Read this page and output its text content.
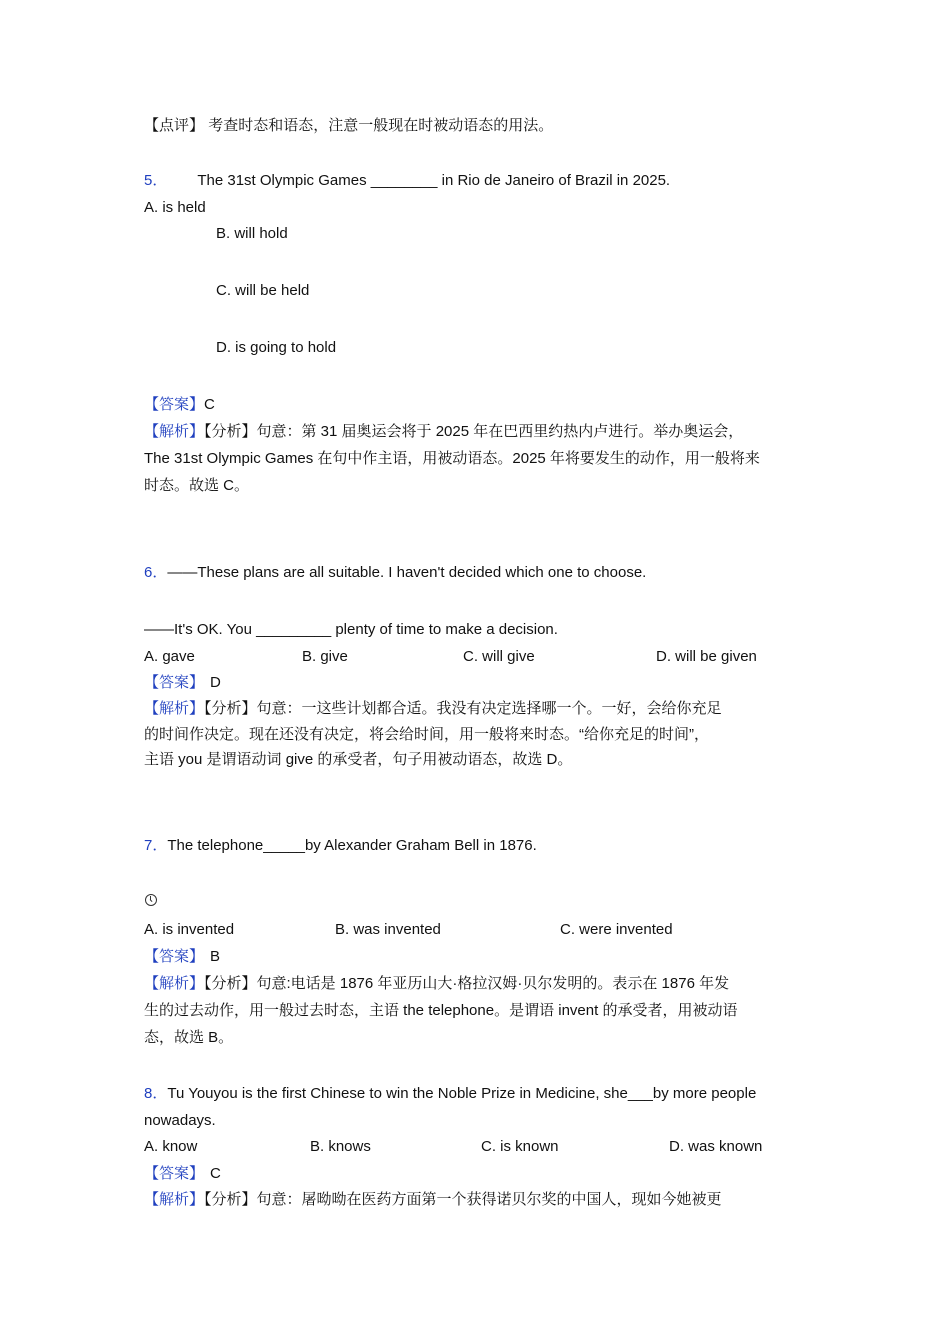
【点评】 考查时态和语态，注意一般现在时被动语态的用法。
5． The 31st Olympic Games ________ in Rio de Janeiro of Brazil in 2025.
A. is held
B. will hold
C. will be held
D. is going to hold
【答案】C
【解析】【分析】句意：第 31 届奥运会将于 2025 年在巴西里约热内卢进行。举办奥运会，
The 31st Olympic Games 在句中作主语，用被动语态。2025 年将要发生的动作，用一般将来
时态。故选 C。
6．——These plans are all suitable. I haven't decided which one to choose.
——It's OK. You _________ plenty of time to make a decision.
A. gave	B. give	C. will give	D. will be given
【答案】 D
【解析】【分析】句意：一这些计划都合适。我没有决定选择哪一个。一好，会给你充足
的时间作决定。现在还没有决定，将会给时间，用一般将来时态。“给你充足的时间”，
主语 you 是谓语动词 give 的承受者，句子用被动语态，故选 D。
7．The telephone_____by Alexander Graham Bell in 1876.
A. is invented	B. was invented	C. were invented
【答案】 B
【解析】【分析】句意:电话是 1876 年亚历山大·格拉汉姆·贝尔发明的。表示在 1876 年发
生的过去动作，用一般过去时态，主语 the telephone。是谓语 invent 的承受者，用被动语
态，故选 B。
8．Tu Youyou is the first Chinese to win the Noble Prize in Medicine, she___by more people
nowadays.
A. know	B. knows	C. is known	D. was known
【答案】 C
【解析】【分析】句意：屠呦呦在医药方面第一个获得诺贝尔奖的中国人，现如今她被更
